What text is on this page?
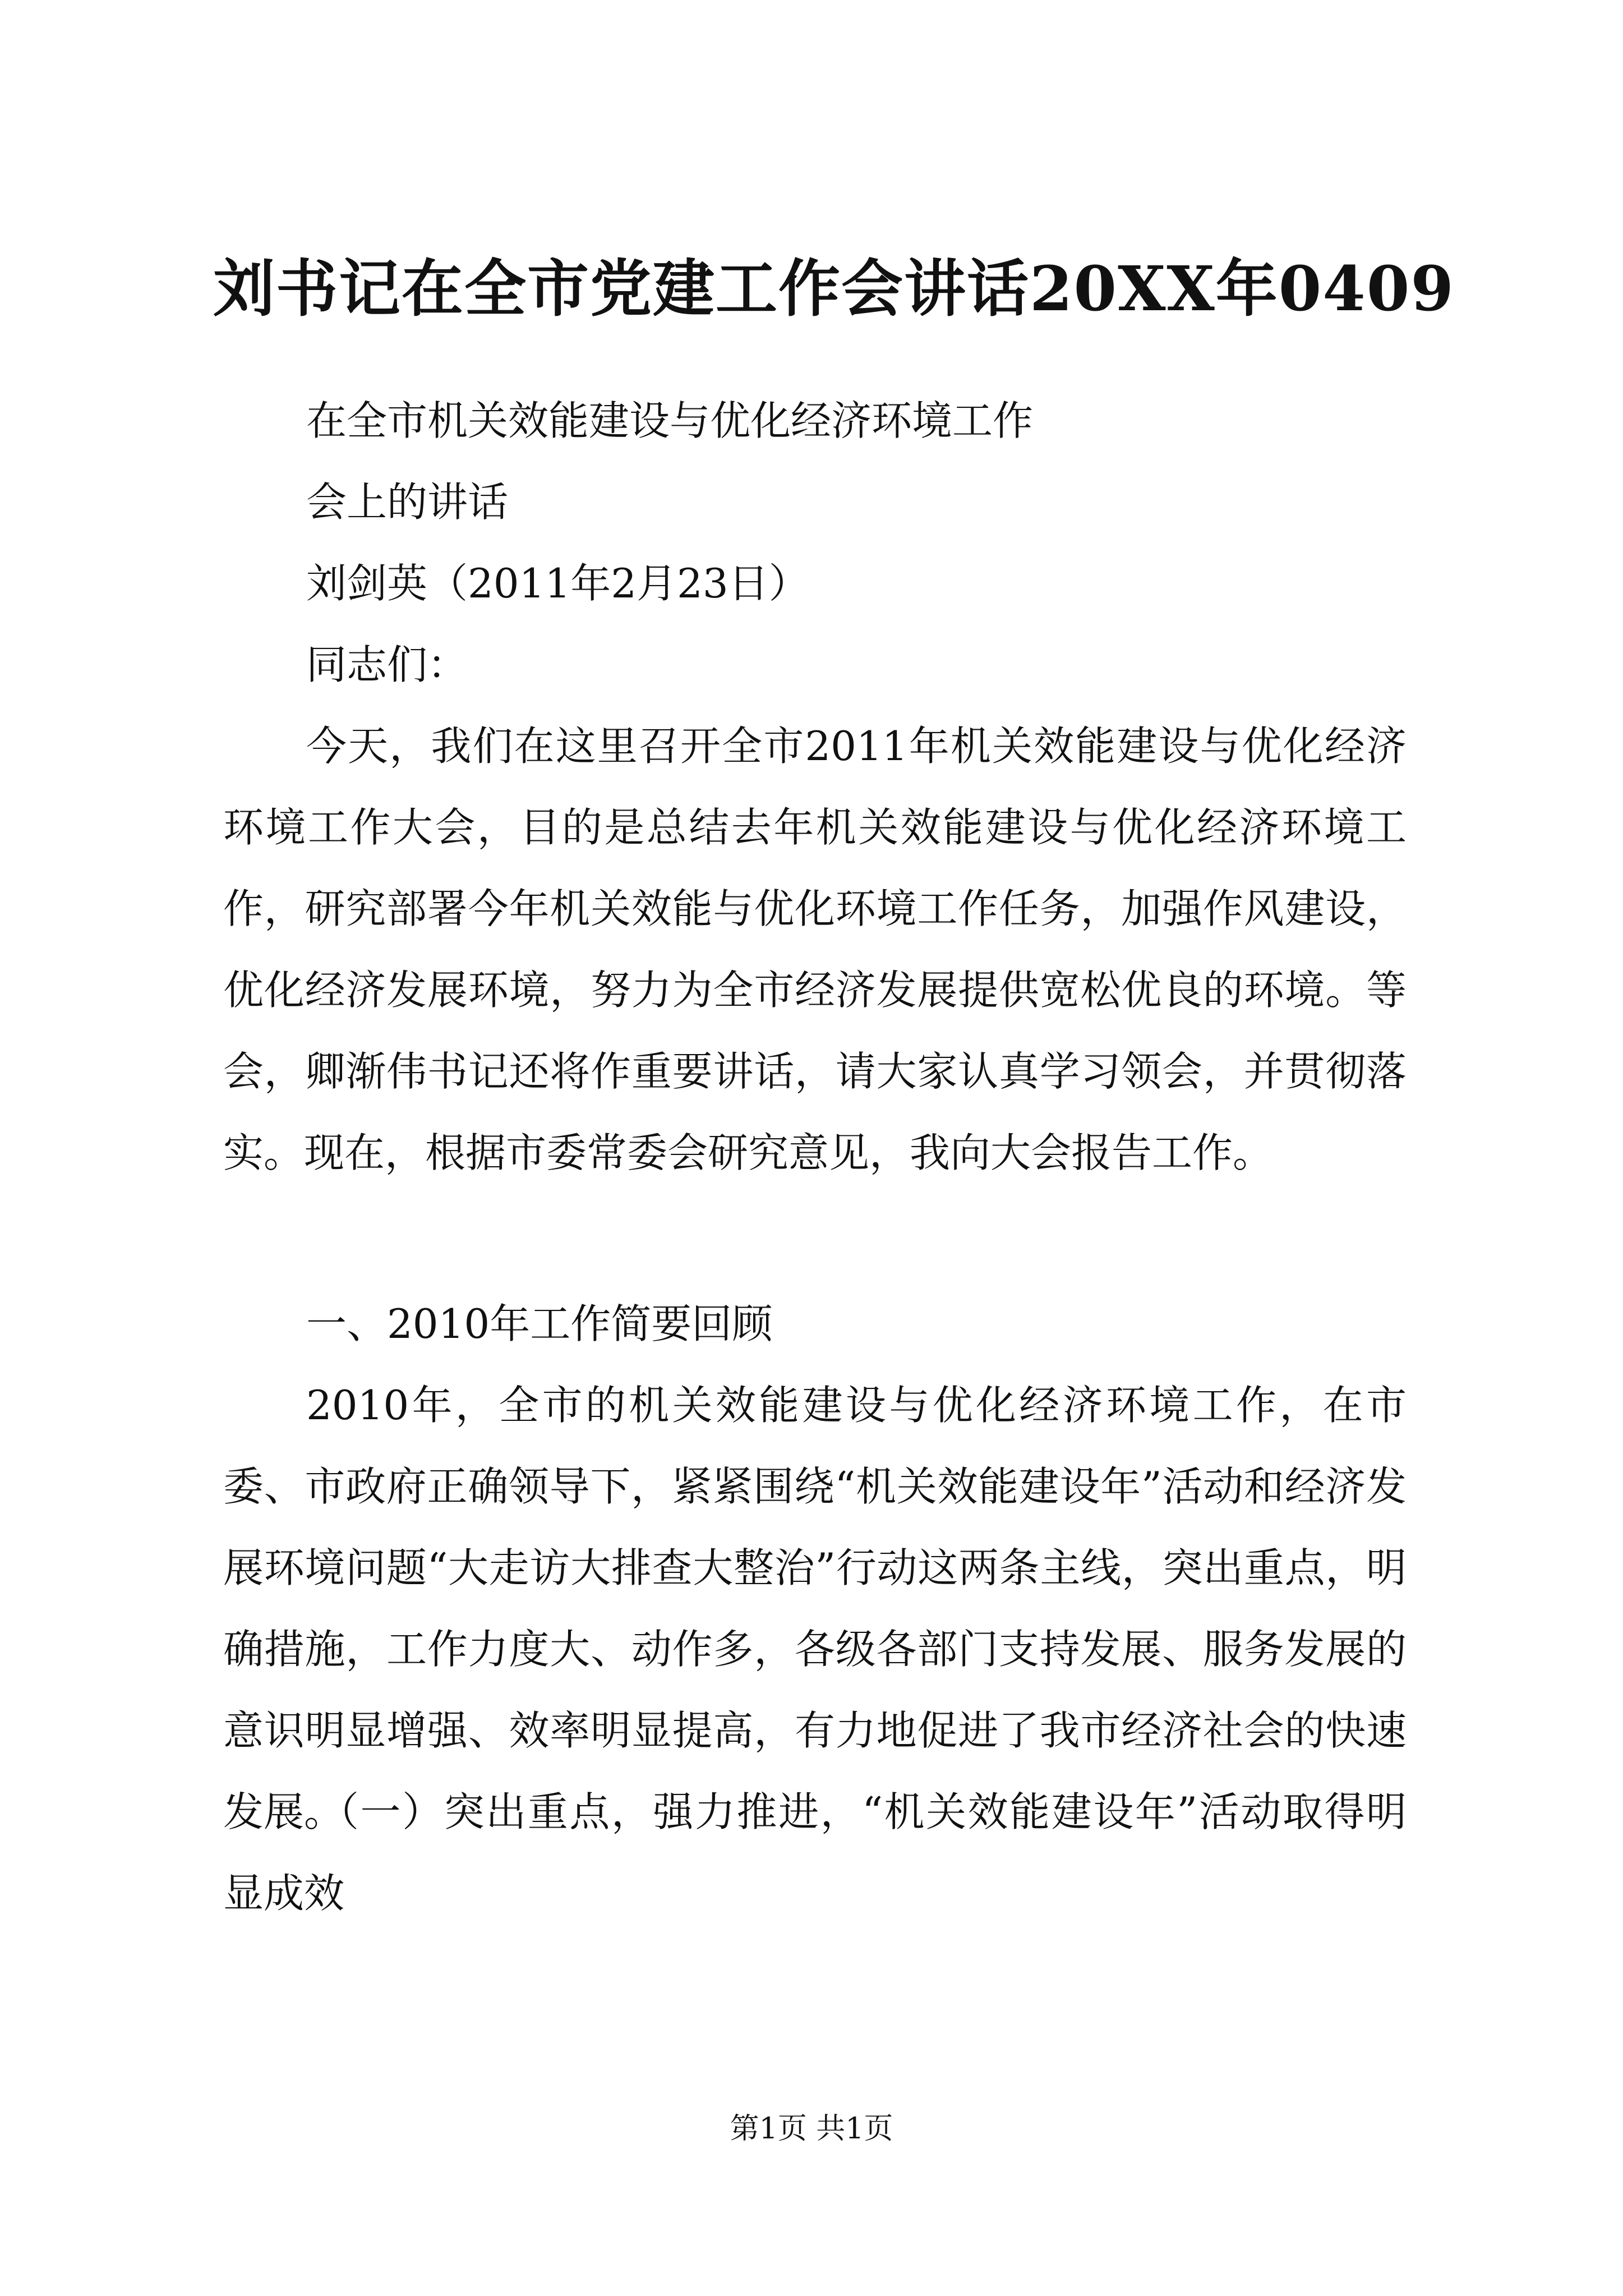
刘书记在全市党建工作会讲话20XX年0409
在全市机关效能建设与优化经济环境工作
会上的讲话
刘剑英（2011年2月23日）
同志们：

今天，我们在这里召开全市2011年机关效能建设与优化经济环境工作大会，目的是总结去年机关效能建设与优化经济环境工作，研究部署今年机关效能与优化环境工作任务，加强作风建设，优化经济发展环境，努力为全市经济发展提供宽松优良的环境。等会，卿渐伟书记还将作重要讲话，请大家认真学习领会，并贯彻落实。现在，根据市委常委会研究意见，我向大会报告工作。

一、2010年工作简要回顾

2010年，全市的机关效能建设与优化经济环境工作，在市委、市政府正确领导下，紧紧围绕“机关效能建设年”活动和经济发展环境问题“大走访大排查大整治”行动这两条主线，突出重点，明确措施，工作力度大、动作多，各级各部门支持发展、服务发展的意识明显增强、效率明显提高，有力地促进了我市经济社会的快速发展。

（一）突出重点，强力推进，“机关效能建设年”活动取得明显成效

第1页 共1页
